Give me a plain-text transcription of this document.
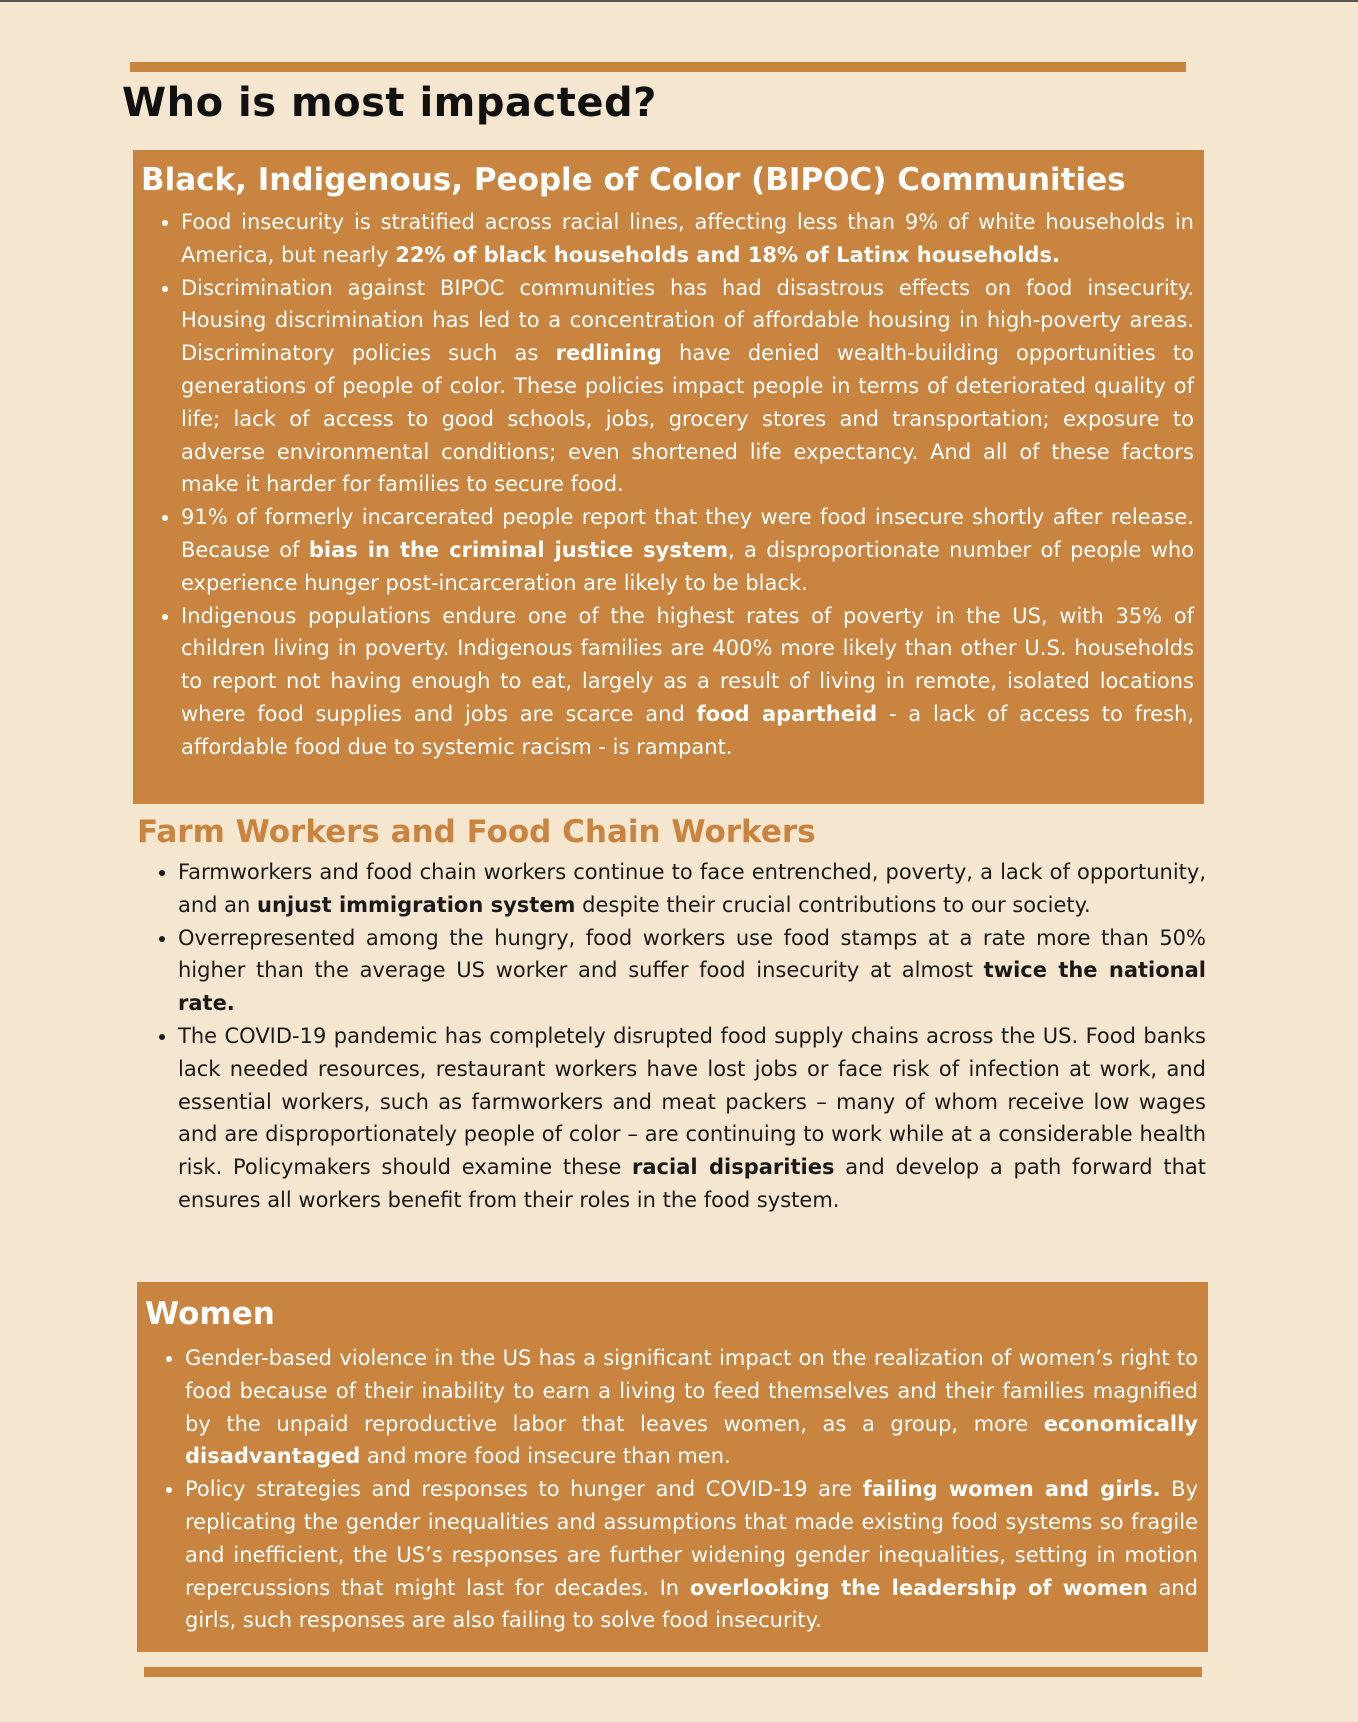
Who is most impacted?
Black, Indigenous, People of Color (BIPOC) Communities
• Food insecurity is stratified across racial lines, affecting less than 9% of white households in America, but nearly 22% of black households and 18% of Latinx households.
• Discrimination against BIPOC communities has had disastrous effects on food insecurity. Housing discrimination has led to a concentration of affordable housing in high-poverty areas. Discriminatory policies such as redlining have denied wealth-building opportunities to generations of people of color. These policies impact people in terms of deteriorated quality of life; lack of access to good schools, jobs, grocery stores and transportation; exposure to adverse environmental conditions; even shortened life expectancy. And all of these factors make it harder for families to secure food.
• 91% of formerly incarcerated people report that they were food insecure shortly after release. Because of bias in the criminal justice system, a disproportionate number of people who experience hunger post-incarceration are likely to be black.
• Indigenous populations endure one of the highest rates of poverty in the US, with 35% of children living in poverty. Indigenous families are 400% more likely than other U.S. households to report not having enough to eat, largely as a result of living in remote, isolated locations where food supplies and jobs are scarce and food apartheid - a lack of access to fresh, affordable food due to systemic racism - is rampant.
Farm Workers and Food Chain Workers
• Farmworkers and food chain workers continue to face entrenched, poverty, a lack of opportunity, and an unjust immigration system despite their crucial contributions to our society.
• Overrepresented among the hungry, food workers use food stamps at a rate more than 50% higher than the average US worker and suffer food insecurity at almost twice the national rate.
• The COVID-19 pandemic has completely disrupted food supply chains across the US. Food banks lack needed resources, restaurant workers have lost jobs or face risk of infection at work, and essential workers, such as farmworkers and meat packers – many of whom receive low wages and are disproportionately people of color – are continuing to work while at a considerable health risk. Policymakers should examine these racial disparities and develop a path forward that ensures all workers benefit from their roles in the food system.
Women
• Gender-based violence in the US has a significant impact on the realization of women’s right to food because of their inability to earn a living to feed themselves and their families magnified by the unpaid reproductive labor that leaves women, as a group, more economically disadvantaged and more food insecure than men.
• Policy strategies and responses to hunger and COVID-19 are failing women and girls. By replicating the gender inequalities and assumptions that made existing food systems so fragile and inefficient, the US’s responses are further widening gender inequalities, setting in motion repercussions that might last for decades. In overlooking the leadership of women and girls, such responses are also failing to solve food insecurity.
